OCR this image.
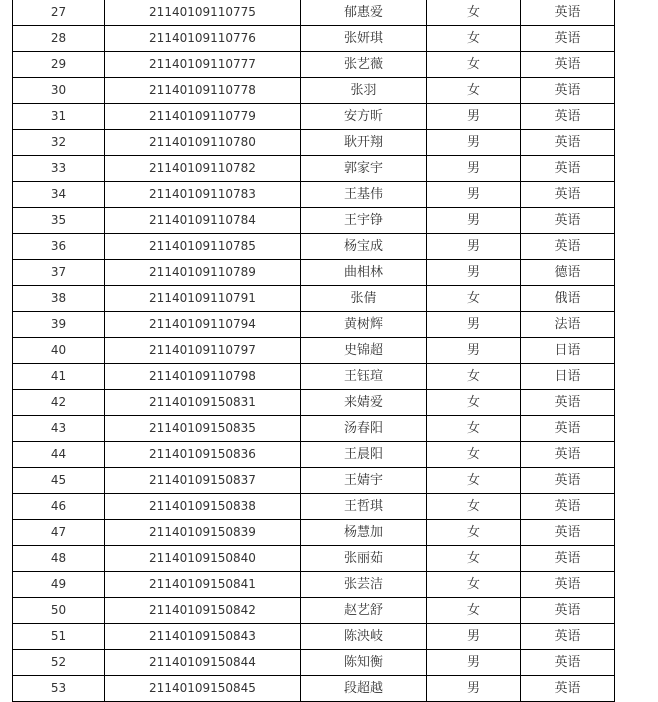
27	21140109110775	郁惠爱	女	英语
28	21140109110776	张妍琪	女	英语
29	21140109110777	张艺薇	女	英语
30	21140109110778	张羽	女	英语
31	21140109110779	安方昕	男	英语
32	21140109110780	耿开翔	男	英语
33	21140109110782	郭家宇	男	英语
34	21140109110783	王基伟	男	英语
35	21140109110784	王宇铮	男	英语
36	21140109110785	杨宝成	男	英语
37	21140109110789	曲相林	男	德语
38	21140109110791	张倩	女	俄语
39	21140109110794	黄树辉	男	法语
40	21140109110797	史锦超	男	日语
41	21140109110798	王钰瑄	女	日语
42	21140109150831	来婧爱	女	英语
43	21140109150835	汤春阳	女	英语
44	21140109150836	王晨阳	女	英语
45	21140109150837	王婧宇	女	英语
46	21140109150838	王哲琪	女	英语
47	21140109150839	杨慧加	女	英语
48	21140109150840	张丽茹	女	英语
49	21140109150841	张芸洁	女	英语
50	21140109150842	赵艺舒	女	英语
51	21140109150843	陈泱岐	男	英语
52	21140109150844	陈知衡	男	英语
53	21140109150845	段超越	男	英语
